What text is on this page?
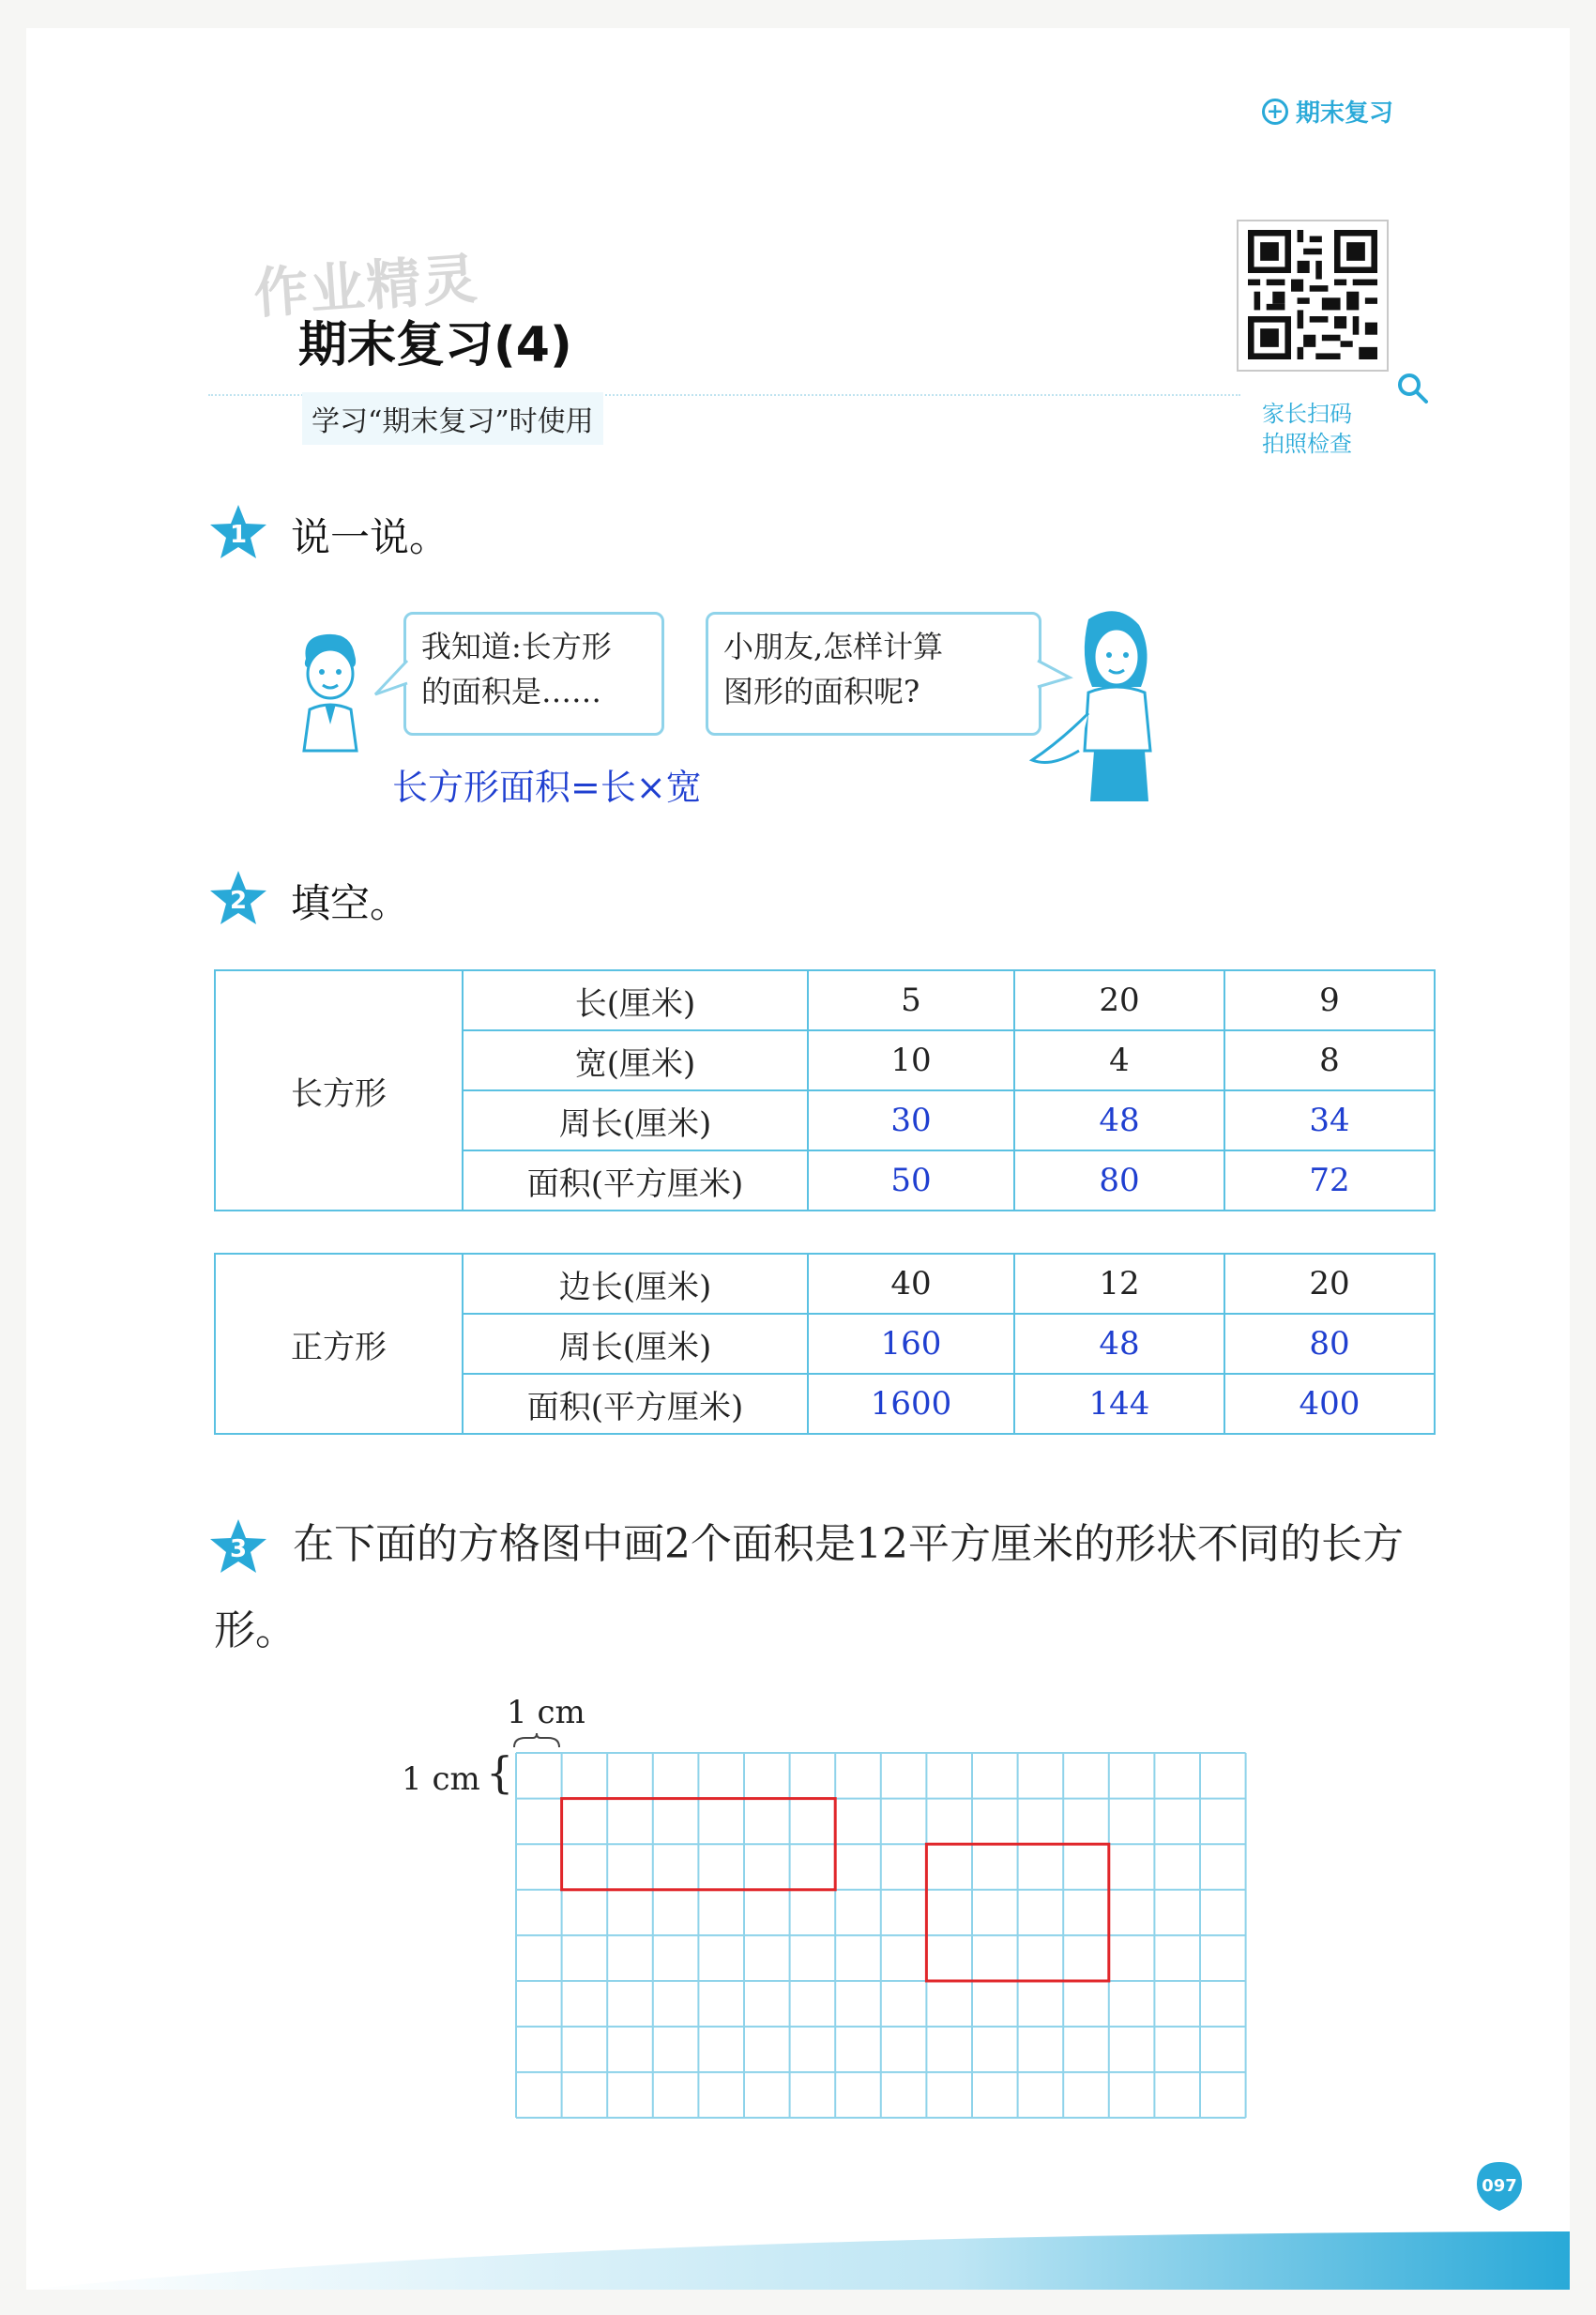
+ 期末复习
作业精灵
期末复习(4)
学习“期末复习”时使用	家长扫码
拍照检查
1 说一说。
我知道:长方形
的面积是……
小朋友,怎样计算
图形的面积呢?
长方形面积=长×宽
2 填空。
长方形	长(厘米)	5	20	9
	宽(厘米)	10	4	8
	周长(厘米)	30	48	34
	面积(平方厘米)	50	80	72
正方形	边长(厘米)	40	12	20
	周长(厘米)	160	48	80
	面积(平方厘米)	1600	144	400
3	在下面的方格图中画2个面积是12平方厘米的形状不同的长方形。
1 cm
1 cm {
097
